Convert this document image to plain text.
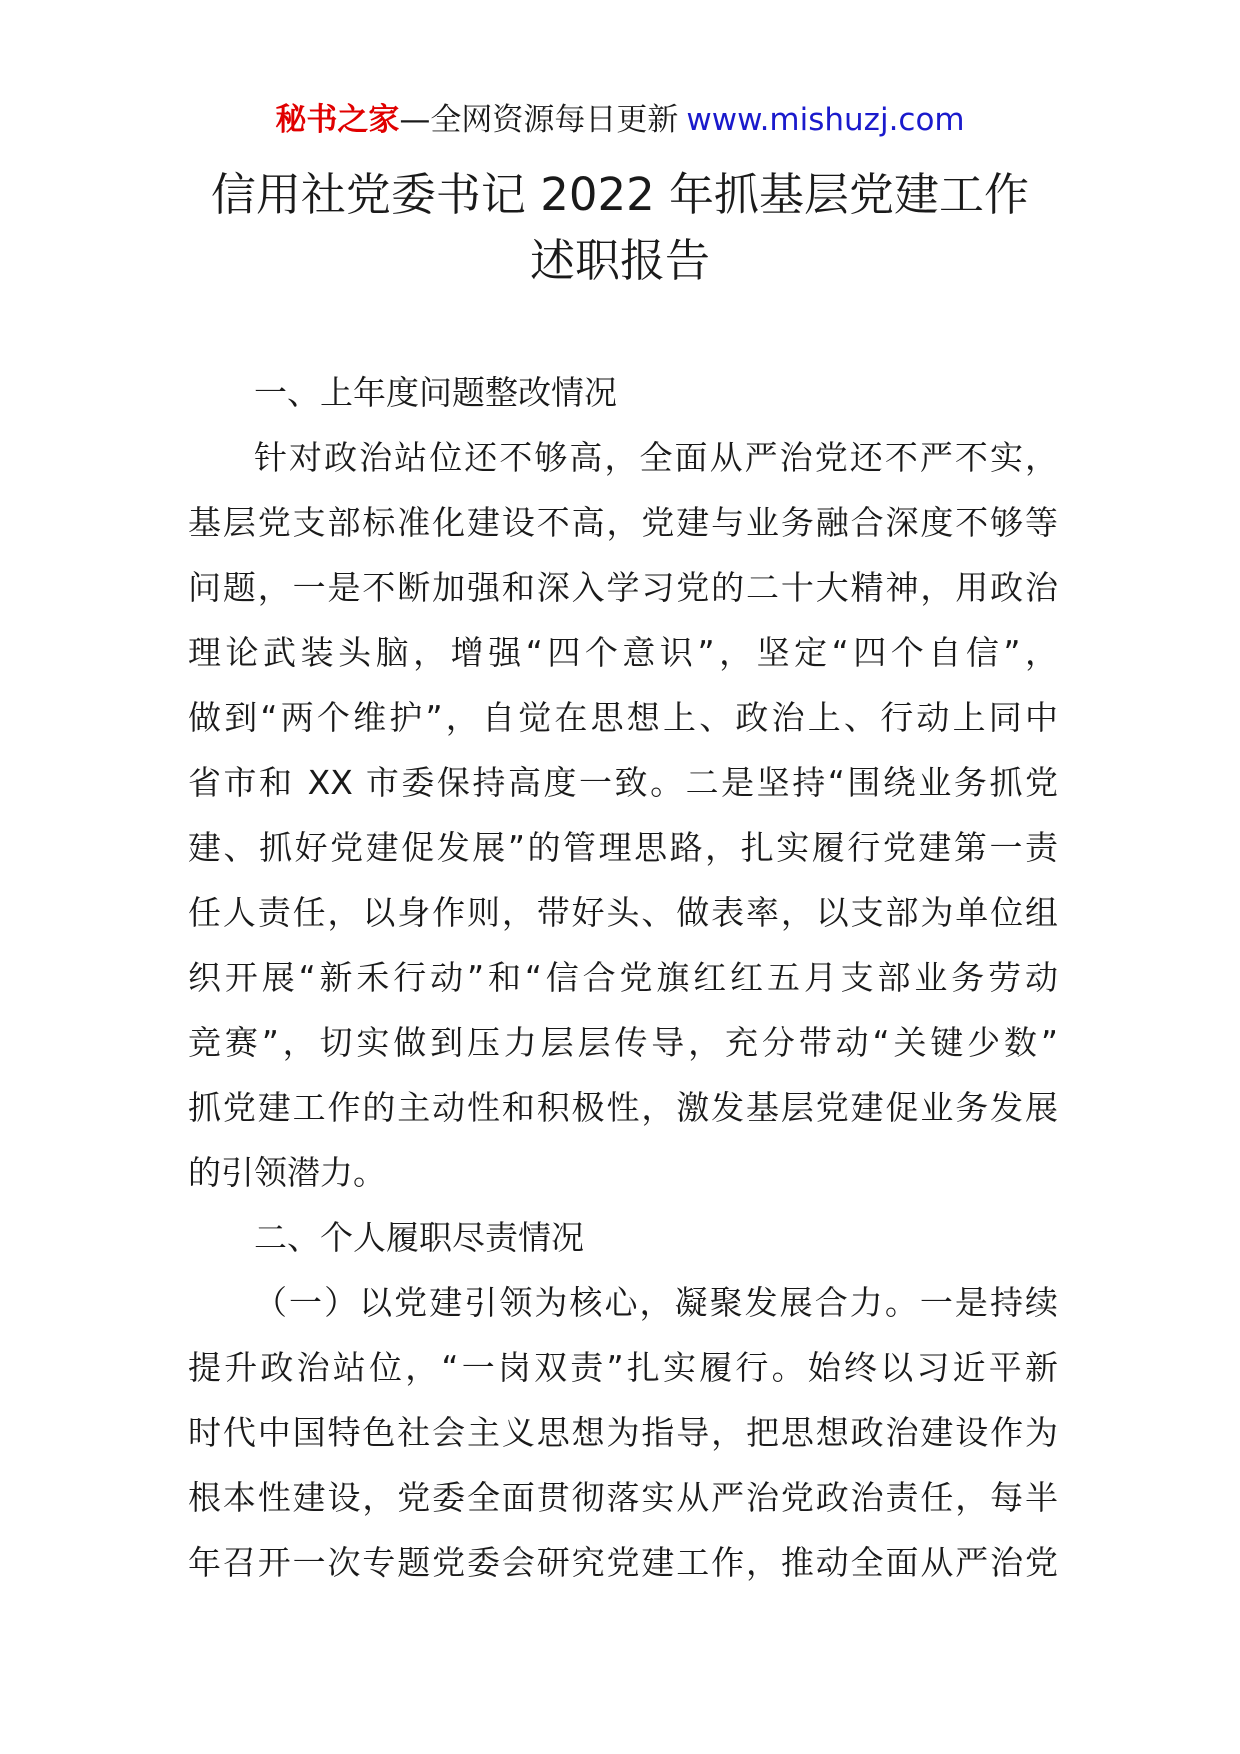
秘书之家—全网资源每日更新 www.mishuzj.com
信用社党委书记 2022 年抓基层党建工作
述职报告
一、上年度问题整改情况
针对政治站位还不够高，全面从严治党还不严不实，
基层党支部标准化建设不高，党建与业务融合深度不够等
问题，一是不断加强和深入学习党的二十大精神，用政治
理论武装头脑，增强“四个意识”，坚定“四个自信”，
做到“两个维护”，自觉在思想上、政治上、行动上同中
省市和 XX 市委保持高度一致。二是坚持“围绕业务抓党
建、抓好党建促发展”的管理思路，扎实履行党建第一责
任人责任，以身作则，带好头、做表率，以支部为单位组
织开展“新禾行动”和“信合党旗红红五月支部业务劳动
竞赛”，切实做到压力层层传导，充分带动“关键少数”
抓党建工作的主动性和积极性，激发基层党建促业务发展
的引领潜力。
二、个人履职尽责情况
（一）以党建引领为核心，凝聚发展合力。一是持续
提升政治站位，“一岗双责”扎实履行。始终以习近平新
时代中国特色社会主义思想为指导，把思想政治建设作为
根本性建设，党委全面贯彻落实从严治党政治责任，每半
年召开一次专题党委会研究党建工作，推动全面从严治党
